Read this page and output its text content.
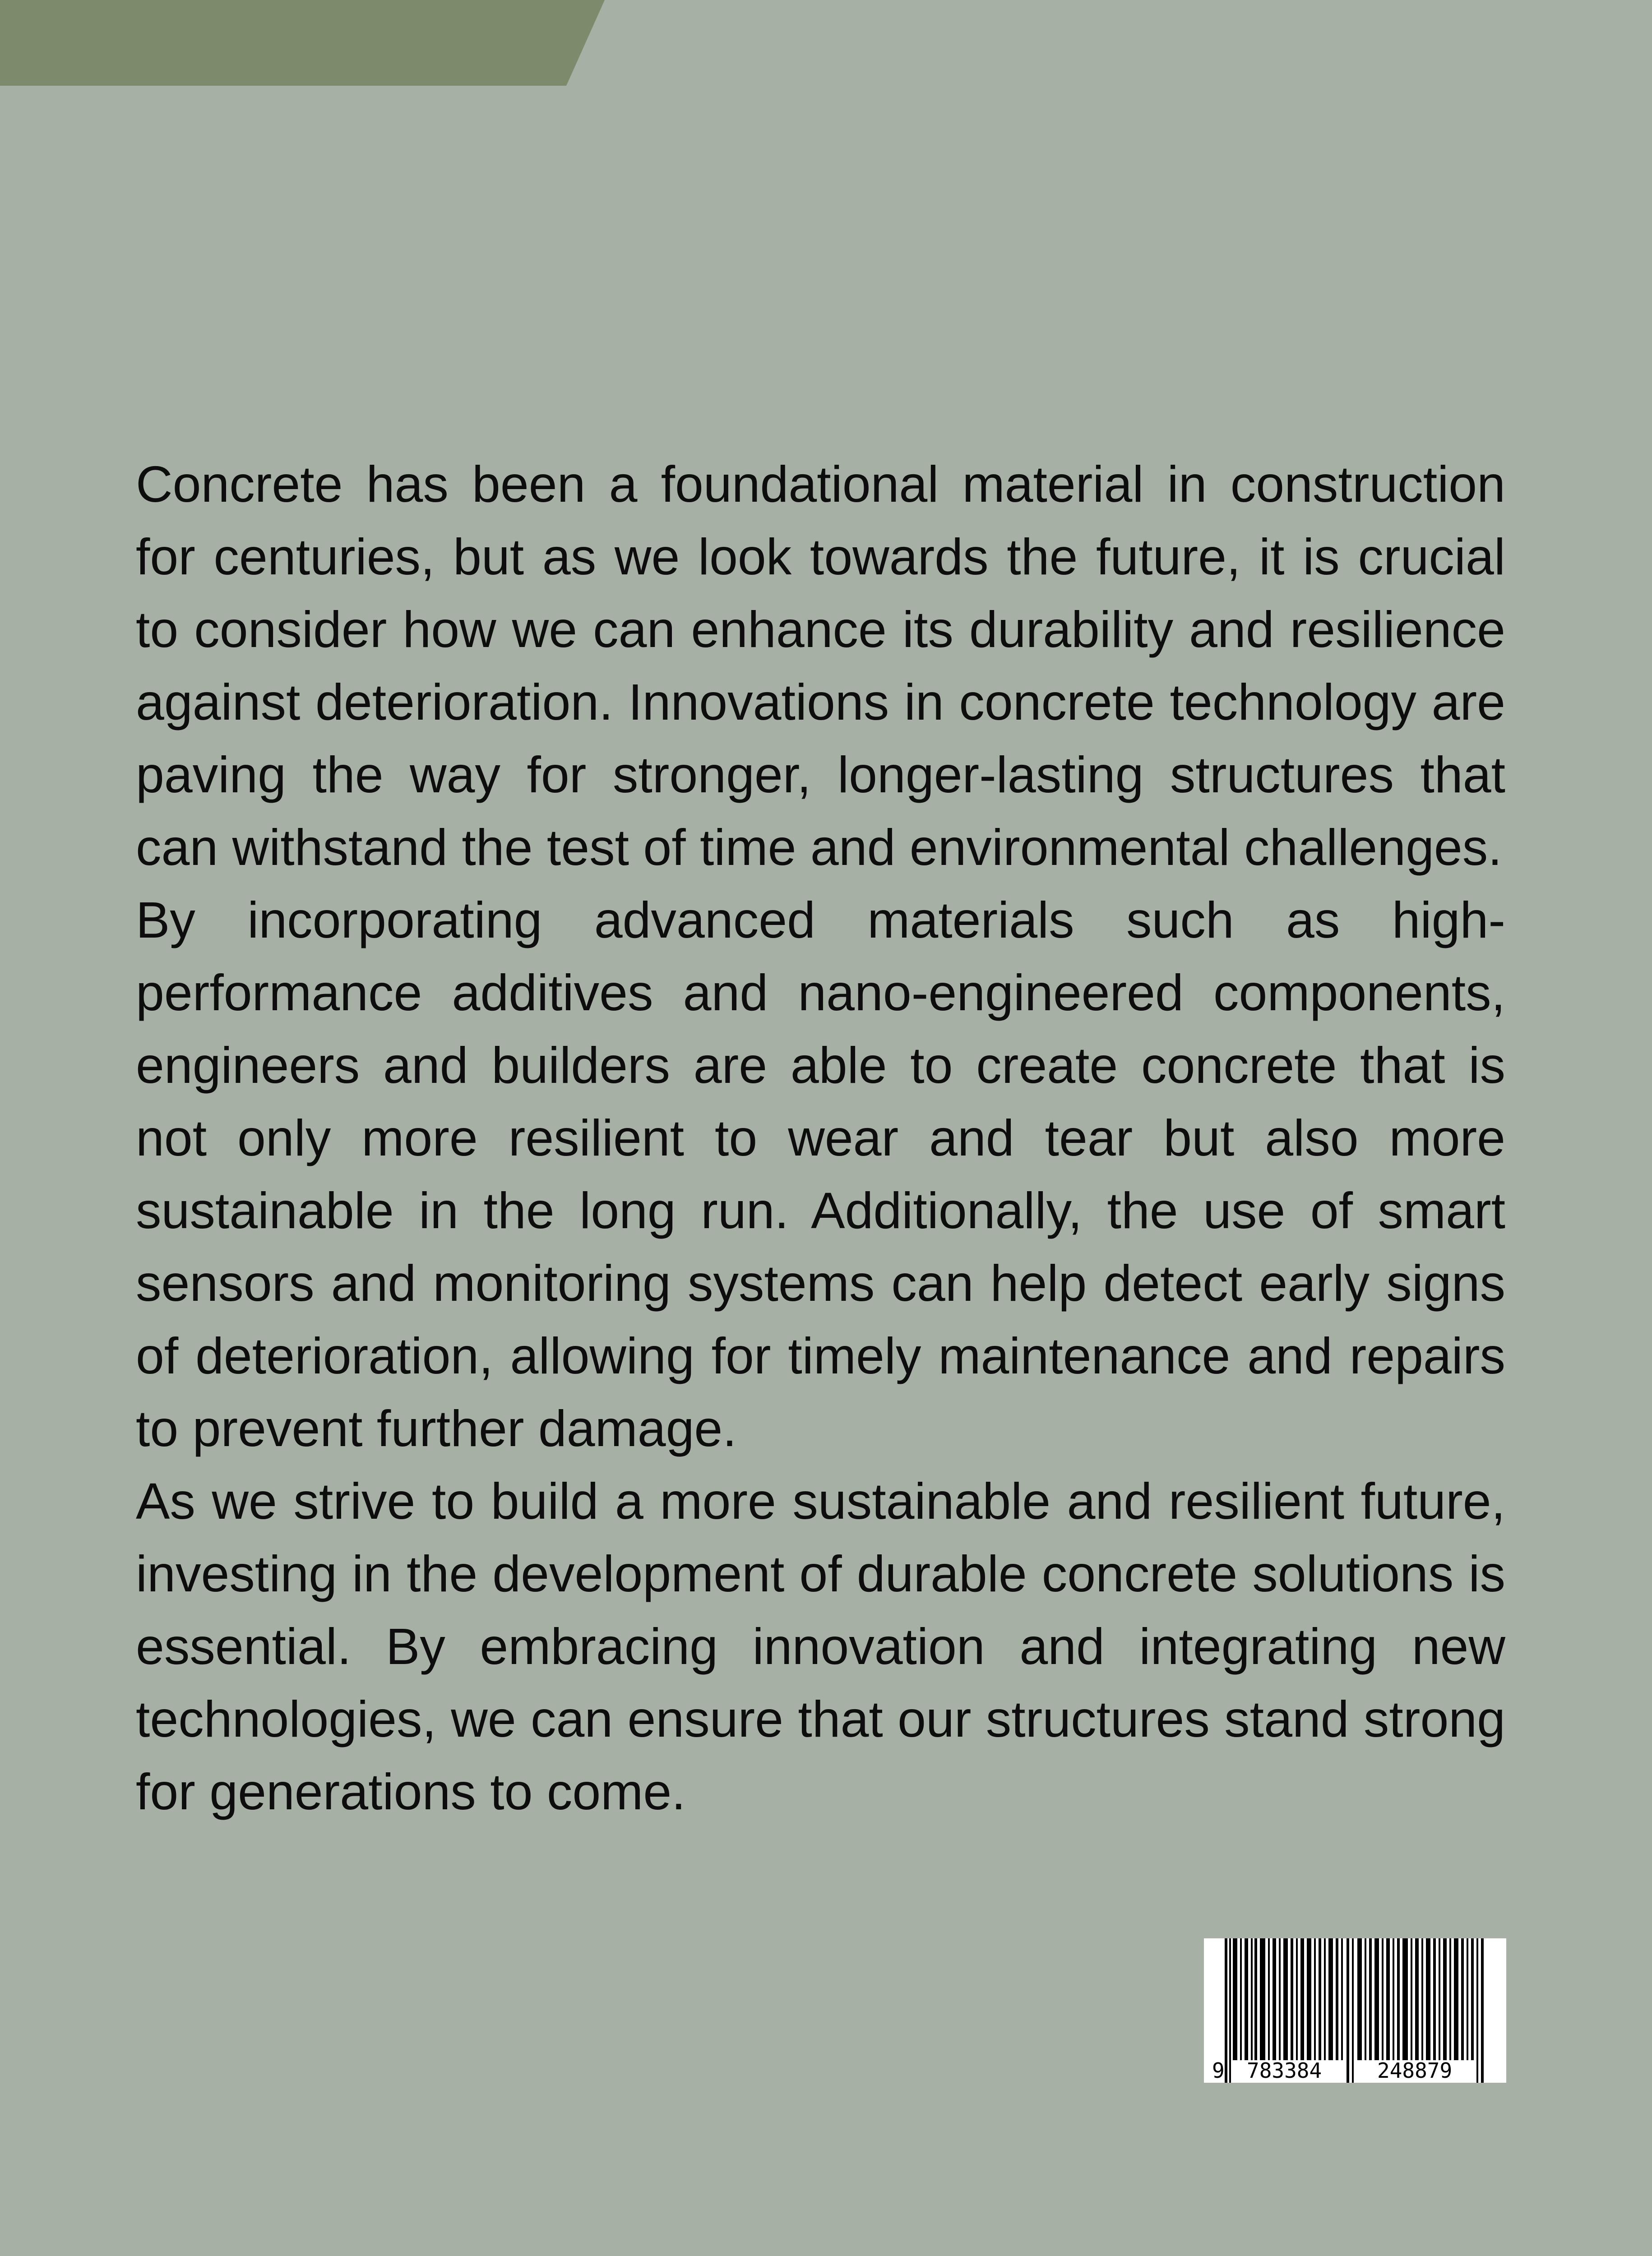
Concrete has been a foundational material in construction for centuries, but as we look towards the future, it is crucial to consider how we can enhance its durability and resilience against deterioration. Innovations in concrete technology are paving the way for stronger, longer-lasting structures that can withstand the test of time and environmental challenges.

By incorporating advanced materials such as high-performance additives and nano-engineered components, engineers and builders are able to create concrete that is not only more resilient to wear and tear but also more sustainable in the long run. Additionally, the use of smart sensors and monitoring systems can help detect early signs of deterioration, allowing for timely maintenance and repairs to prevent further damage.

As we strive to build a more sustainable and resilient future, investing in the development of durable concrete solutions is essential. By embracing innovation and integrating new technologies, we can ensure that our structures stand strong for generations to come.

9 783384	248879
